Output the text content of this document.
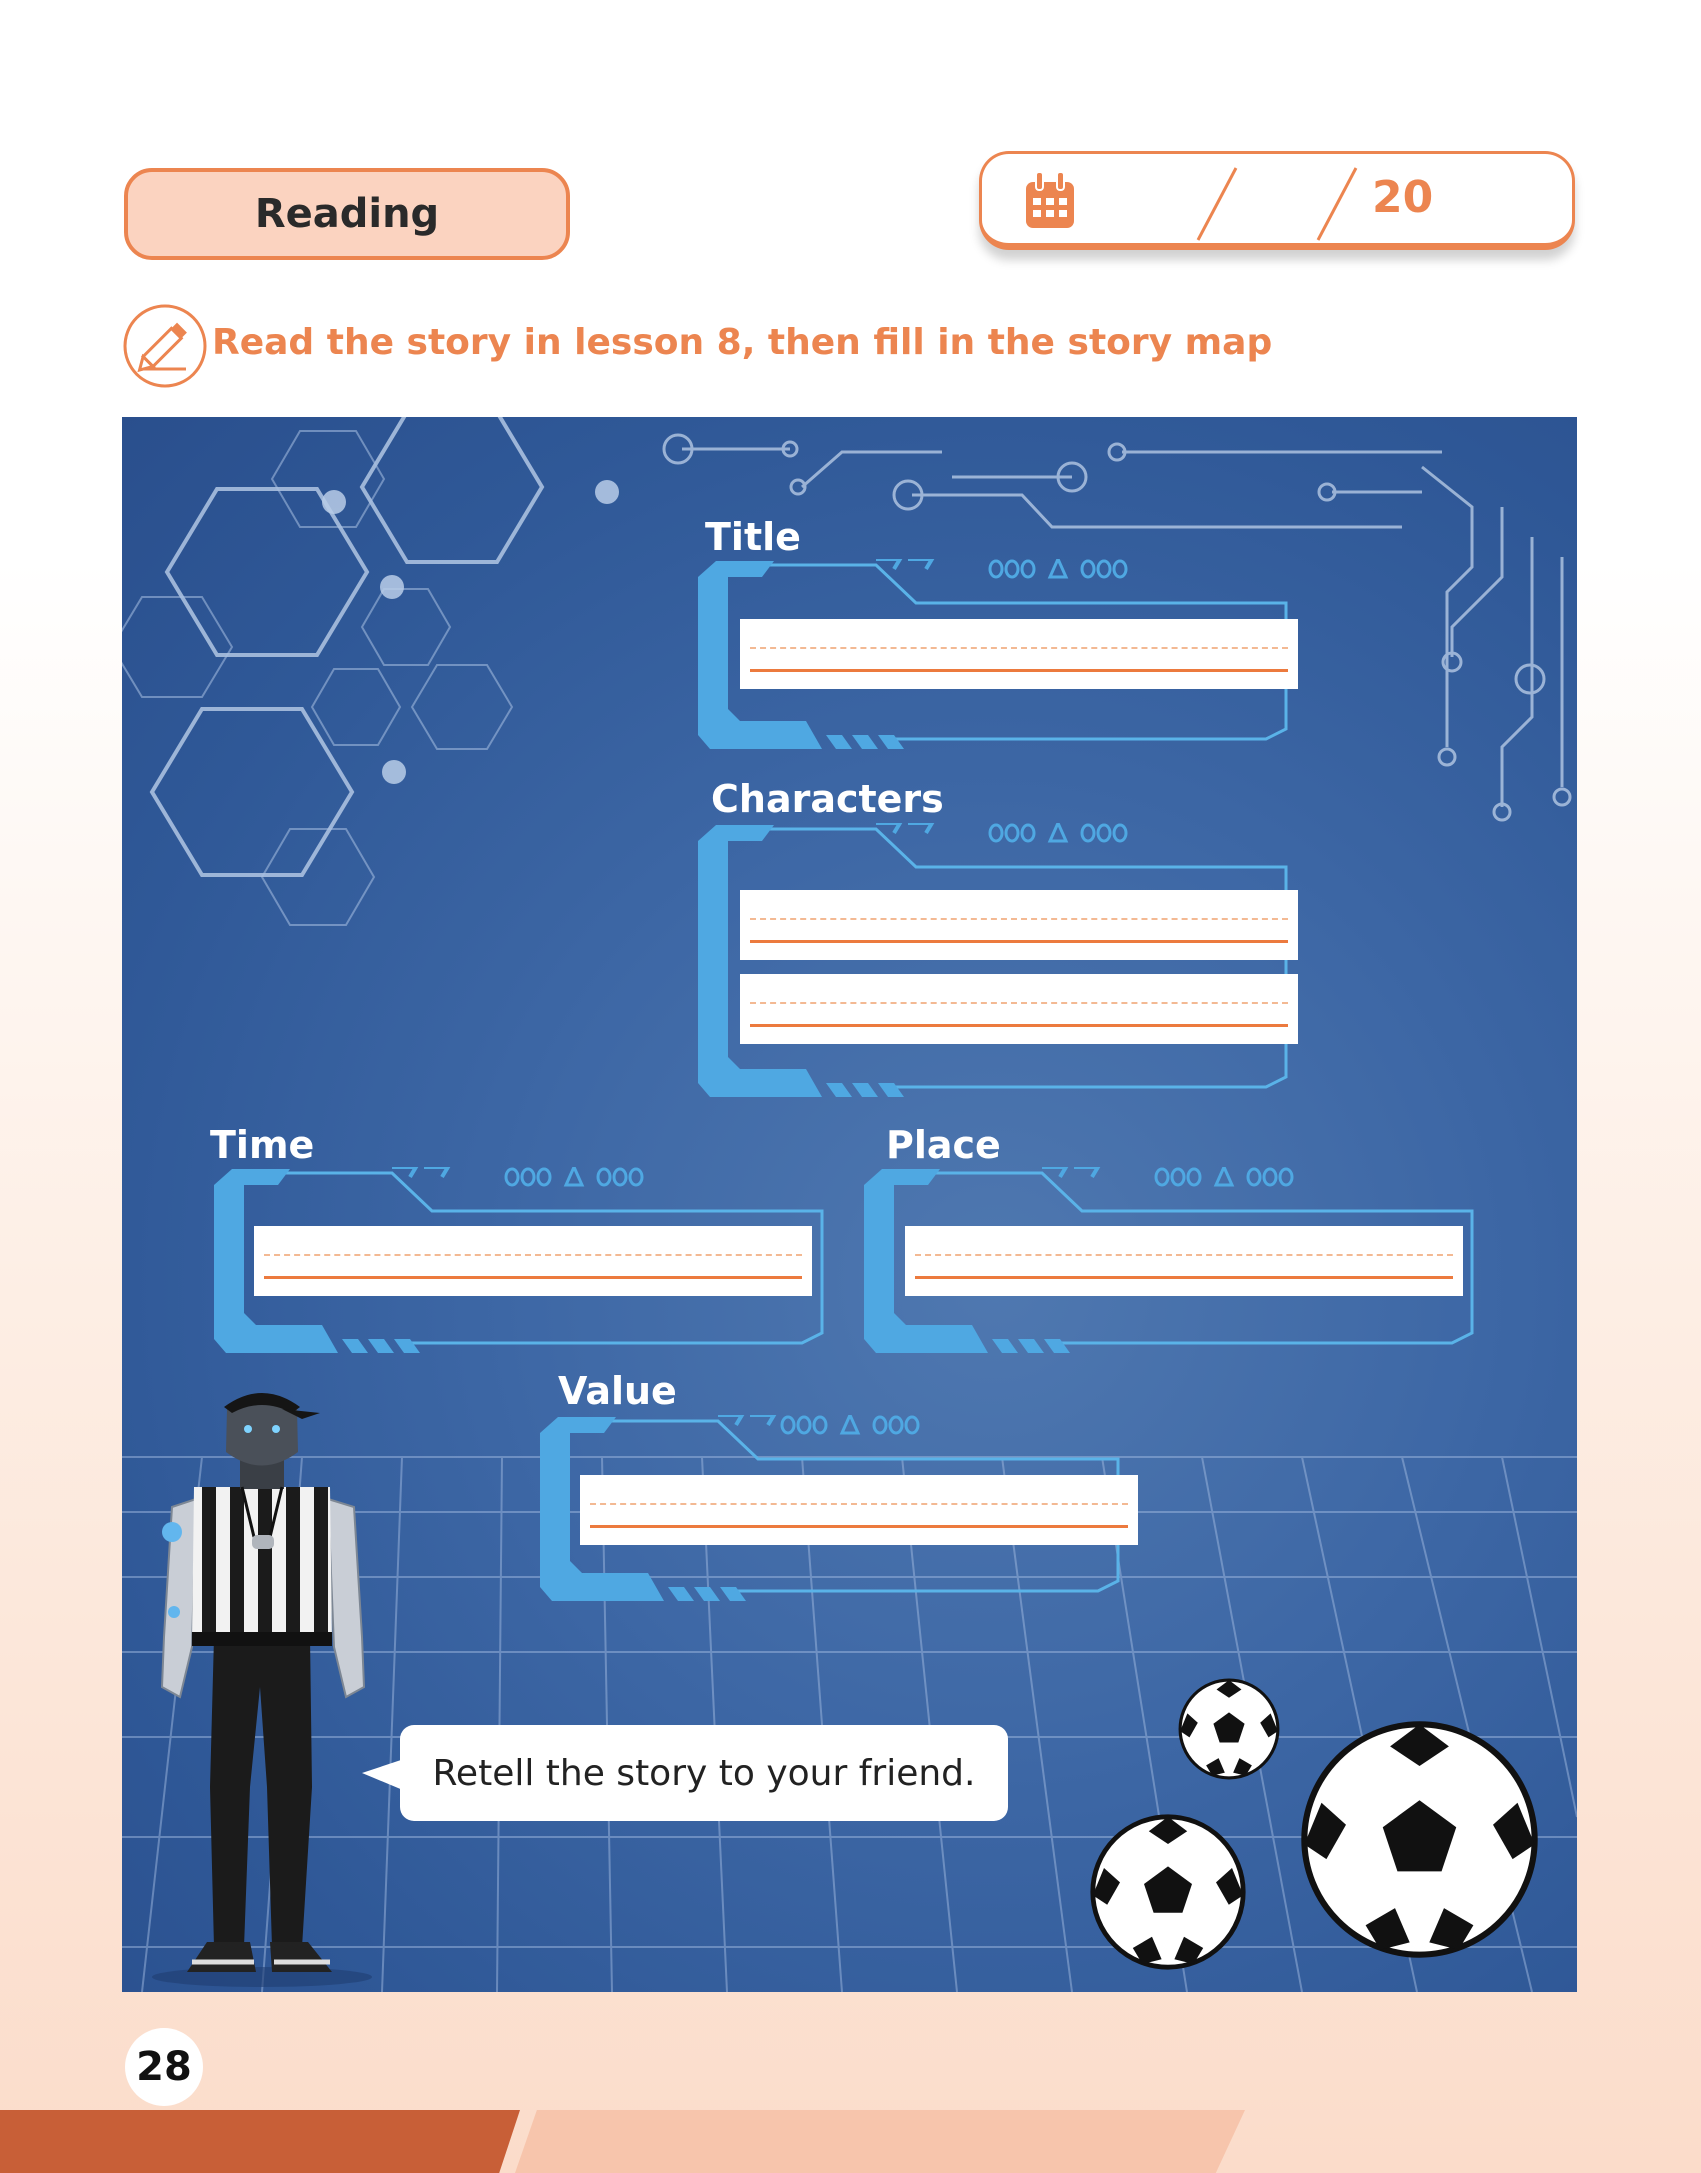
Reading	20
Read the story in lesson 8, then fill in the story map
Title
Characters
Time	Place
Value
Retell the story to your friend.
28
